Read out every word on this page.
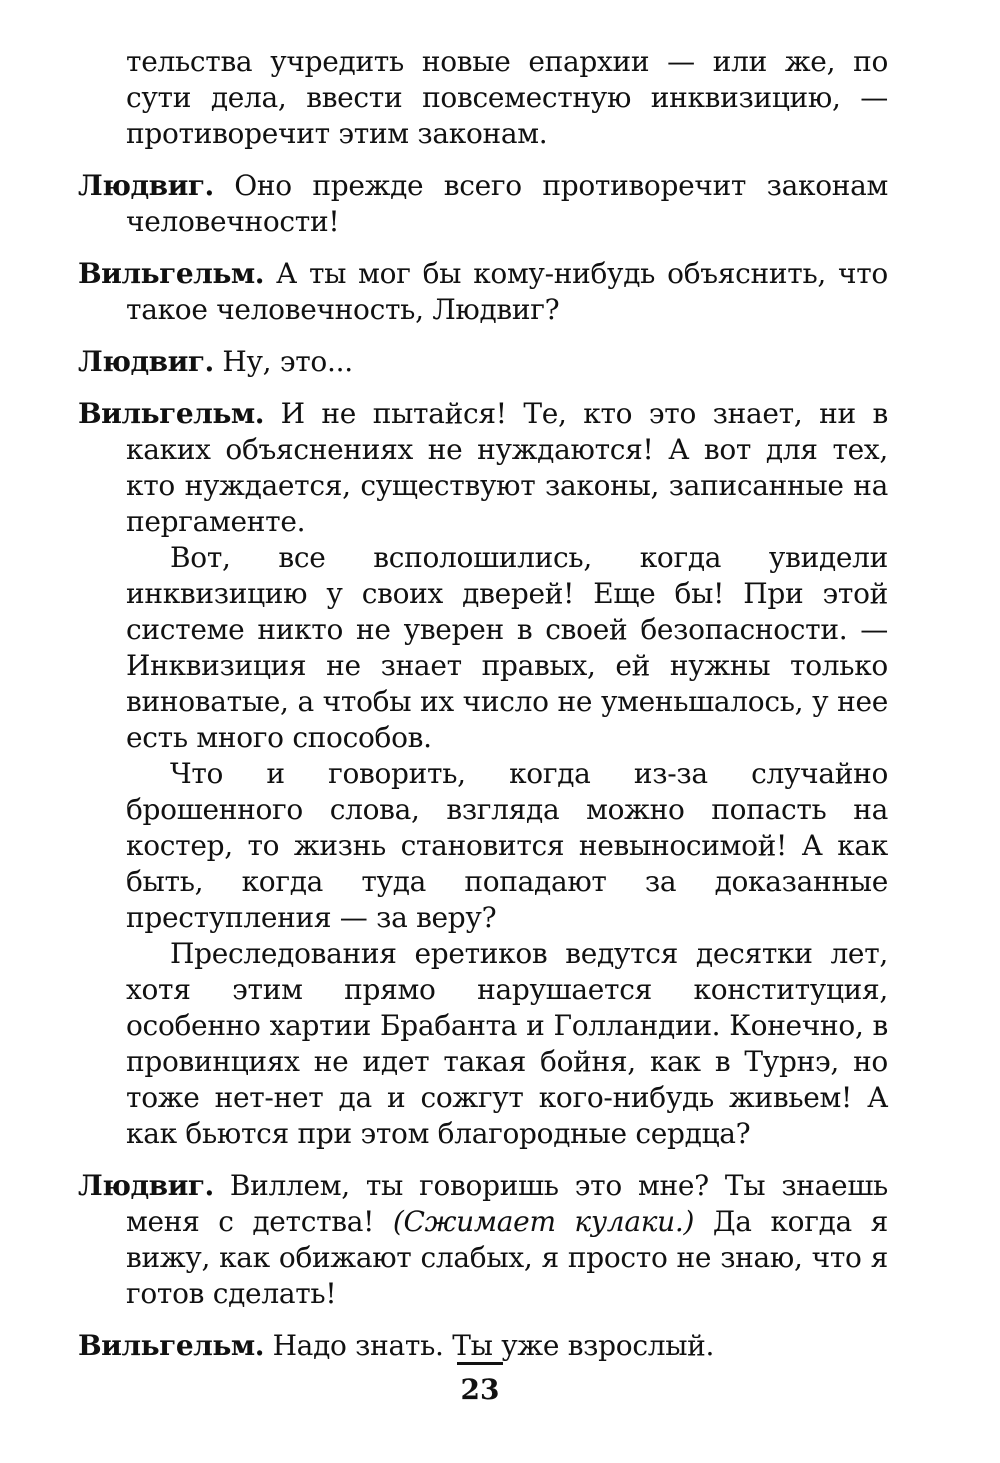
тельства учредить новые епархии — или же, по сути дела, ввести повсеместную инквизицию, — противоречит этим законам.

Людвиг. Оно прежде всего противоречит законам человечности!

Вильгельм. А ты мог бы кому-нибудь объяснить, что такое человечность, Людвиг?

Людвиг. Ну, это...

Вильгельм. И не пытайся! Те, кто это знает, ни в каких объяснениях не нуждаются! А вот для тех, кто нуждается, существуют законы, записанные на пергаменте.
Вот, все всполошились, когда увидели инквизицию у своих дверей! Еще бы! При этой системе никто не уверен в своей безопасности. — Инквизиция не знает правых, ей нужны только виноватые, а чтобы их число не уменьшалось, у нее есть много способов.
Что и говорить, когда из-за случайно брошенного слова, взгляда можно попасть на костер, то жизнь становится невыносимой! А как быть, когда туда попадают за доказанные преступления — за веру?
Преследования еретиков ведутся десятки лет, хотя этим прямо нарушается конституция, особенно хартии Брабанта и Голландии. Конечно, в провинциях не идет такая бойня, как в Турнэ, но тоже нет-нет да и сожгут кого-нибудь живьем! А как бьются при этом благородные сердца?

Людвиг. Виллем, ты говоришь это мне? Ты знаешь меня с детства! (Сжимает кулаки.) Да когда я вижу, как обижают слабых, я просто не знаю, что я готов сделать!

Вильгельм. Надо знать. Ты уже взрослый.

23
